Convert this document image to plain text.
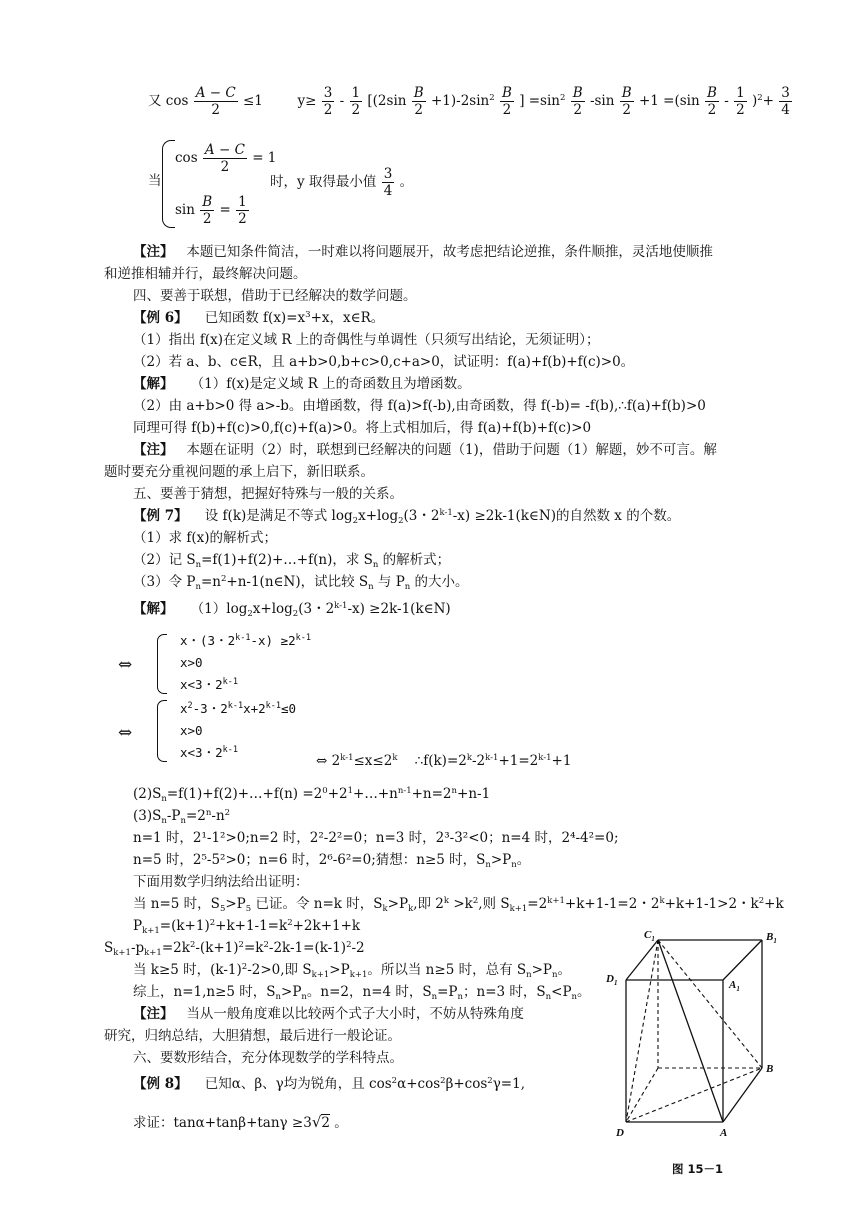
又 $\cos \frac{A - C}{2} \le 1$	$y\ge \frac{3}{2} - \frac{1}{2} [(2\sin \frac{B}{2} +1)-2\sin^2 \frac{B}{2}$ ] $=\sin^2 \frac{B}{2} -\sin \frac{B}{2} +1 =(\sin \frac{B}{2} - \frac{1}{2} )^2+ \frac{3}{4}$
当
$\cos \frac{A - C}{2} = 1$
$\sin \frac{B}{2} = \frac{1}{2}$
时，y 取得最小值 $\frac{3}{4}$ 。
【注】 本题已知条件简洁，一时难以将问题展开，故考虑把结论逆推，条件顺推，灵活地使顺推
和逆推相辅并行，最终解决问题。
四、要善于联想，借助于已经解决的数学问题。
【例 6】 已知函数 $f(x)=x^3+x$，x∈R。
（1）指出 f(x)在定义域 R 上的奇偶性与单调性（只须写出结论，无须证明）；
（2）若 a、b、c∈R，且 a+b>0,b+c>0,c+a>0，试证明：f(a)+f(b)+f(c)>0。
【解】 （1）f(x)是定义域 R 上的奇函数且为增函数。
（2）由 a+b>0 得 a>-b。由增函数，得 f(a)>f(-b),由奇函数，得 f(-b)= -f(b),∴f(a)+f(b)>0
同理可得 f(b)+f(c)>0,f(c)+f(a)>0。将上式相加后，得 f(a)+f(b)+f(c)>0
【注】 本题在证明（2）时，联想到已经解决的问题（1)，借助于问题（1）解题，妙不可言。解
题时要充分重视问题的承上启下，新旧联系。
五、要善于猜想，把握好特殊与一般的关系。
【例 7】 设 f(k)是满足不等式 $\log_2x+\log_2(3$・$2^{k-1}-x$) ≥2k-1(k∈N)的自然数 x 的个数。
（1）求 f(x)的解析式；
（2）记 $S_n=f(1)+f(2)+\dots+f(n)$，求 $S_n$ 的解析式；
（3）令 $P_n=n^2+n-1(n\in N)$，试比较 $S_n$ 与 $P_n$ 的大小。
【解】 $(1)\log_2x+\log_2(3$・$2^{k-1}-x$) ≥2k-1(k∈N)
⇔
x・(3・$2^{k-1}-x) \ge 2^{k-1}$
x>0
x<3・2$^{k-1}$
⇔
$x^2-3$・$2^{k-1}x+2^{k-1}\le 0$
x>0
x<3・2$^{k-1}$
⇔ $2^{k-1}\le x\le 2^k$ $\therefore f(k)=2^k-2^{k-1}+1=2^{k-1}+1$
$(2)S_n=f(1)+f(2)+\dots+f(n)$ $=2^0+2^1+\dots+n^{n-1}+n=2^n+n-1$
$(3)S_n-P_n=2^n-n^2$
n=1 时，2¹-1²>0;n=2 时，2²-2²=0；n=3 时，2³-3²<0；n=4 时，2⁴-4²=0;
n=5 时，2⁵-5²>0；n=6 时，2⁶-6²=0;猜想：n≥5 时，$S_n>P_n$。
下面用数学归纳法给出证明：
当 n=5 时，$S_5>P_5$ 已证。令 n=k 时，$S_k>P_k$,即 $2^k >k^2$,则 $S_{k+1}=2^{k+1}+k+1-1=2$・$2^k+k+1-1>2$・$k^2+k$
$P_{k+1}=(k+1)^2+k+1-1=k^2+2k+1+k$
$S_{k+1}-p_{k+1}=2k^2-(k+1)^2=k^2-2k-1=(k-1)^2-2$
当 k≥5 时，$(k-1)^2-2>0$,即 $S_{k+1}>P_{k+1}$。所以当 n≥5 时，总有 $S_n>P_n$。
综上，n=1,n≥5 时，$S_n>P_n$。n=2，n=4 时，$S_n=P_n$；n=3 时，$S_n<P_n$。
【注】 当从一般角度难以比较两个式子大小时，不妨从特殊角度
研究，归纳总结，大胆猜想，最后进行一般论证。
六、要数形结合，充分体现数学的学科特点。
【例 8】 已知α、β、γ均为锐角，且 $\cos^2\alpha+\cos^2\beta+\cos^2\gamma=1$,
求证：tanα+tanβ+tanγ ≥3√2 。
$C_1$	$B_1$
$D_1$	$A_1$
B
D	A
图 15－1
